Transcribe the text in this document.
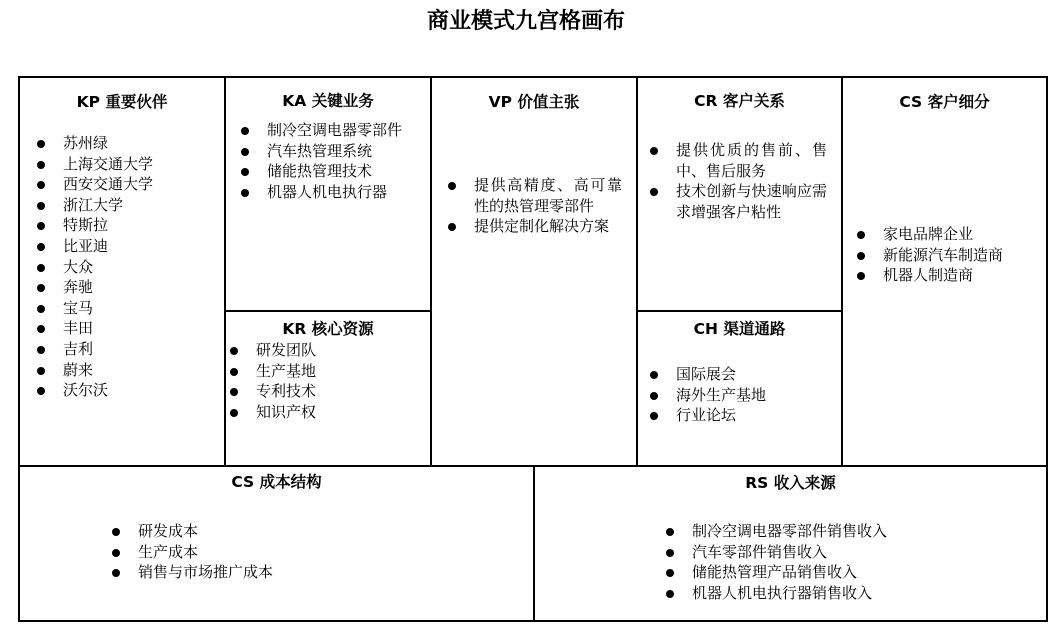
商业模式九宫格画布
KP 重要伙伴
苏州绿
上海交通大学
西安交通大学
浙江大学
特斯拉
比亚迪
大众
奔驰
宝马
丰田
吉利
蔚来
沃尔沃
KA 关键业务
制冷空调电器零部件
汽车热管理系统
储能热管理技术
机器人机电执行器
KR 核心资源
研发团队
生产基地
专利技术
知识产权
VP 价值主张
提供高精度、高可靠性的热管理零部件
提供定制化解决方案
CR 客户关系
提供优质的售前、售中、售后服务
技术创新与快速响应需求增强客户粘性
CH 渠道通路
国际展会
海外生产基地
行业论坛
CS 客户细分
家电品牌企业
新能源汽车制造商
机器人制造商
CS 成本结构
研发成本
生产成本
销售与市场推广成本
RS 收入来源
制冷空调电器零部件销售收入
汽车零部件销售收入
储能热管理产品销售收入
机器人机电执行器销售收入
